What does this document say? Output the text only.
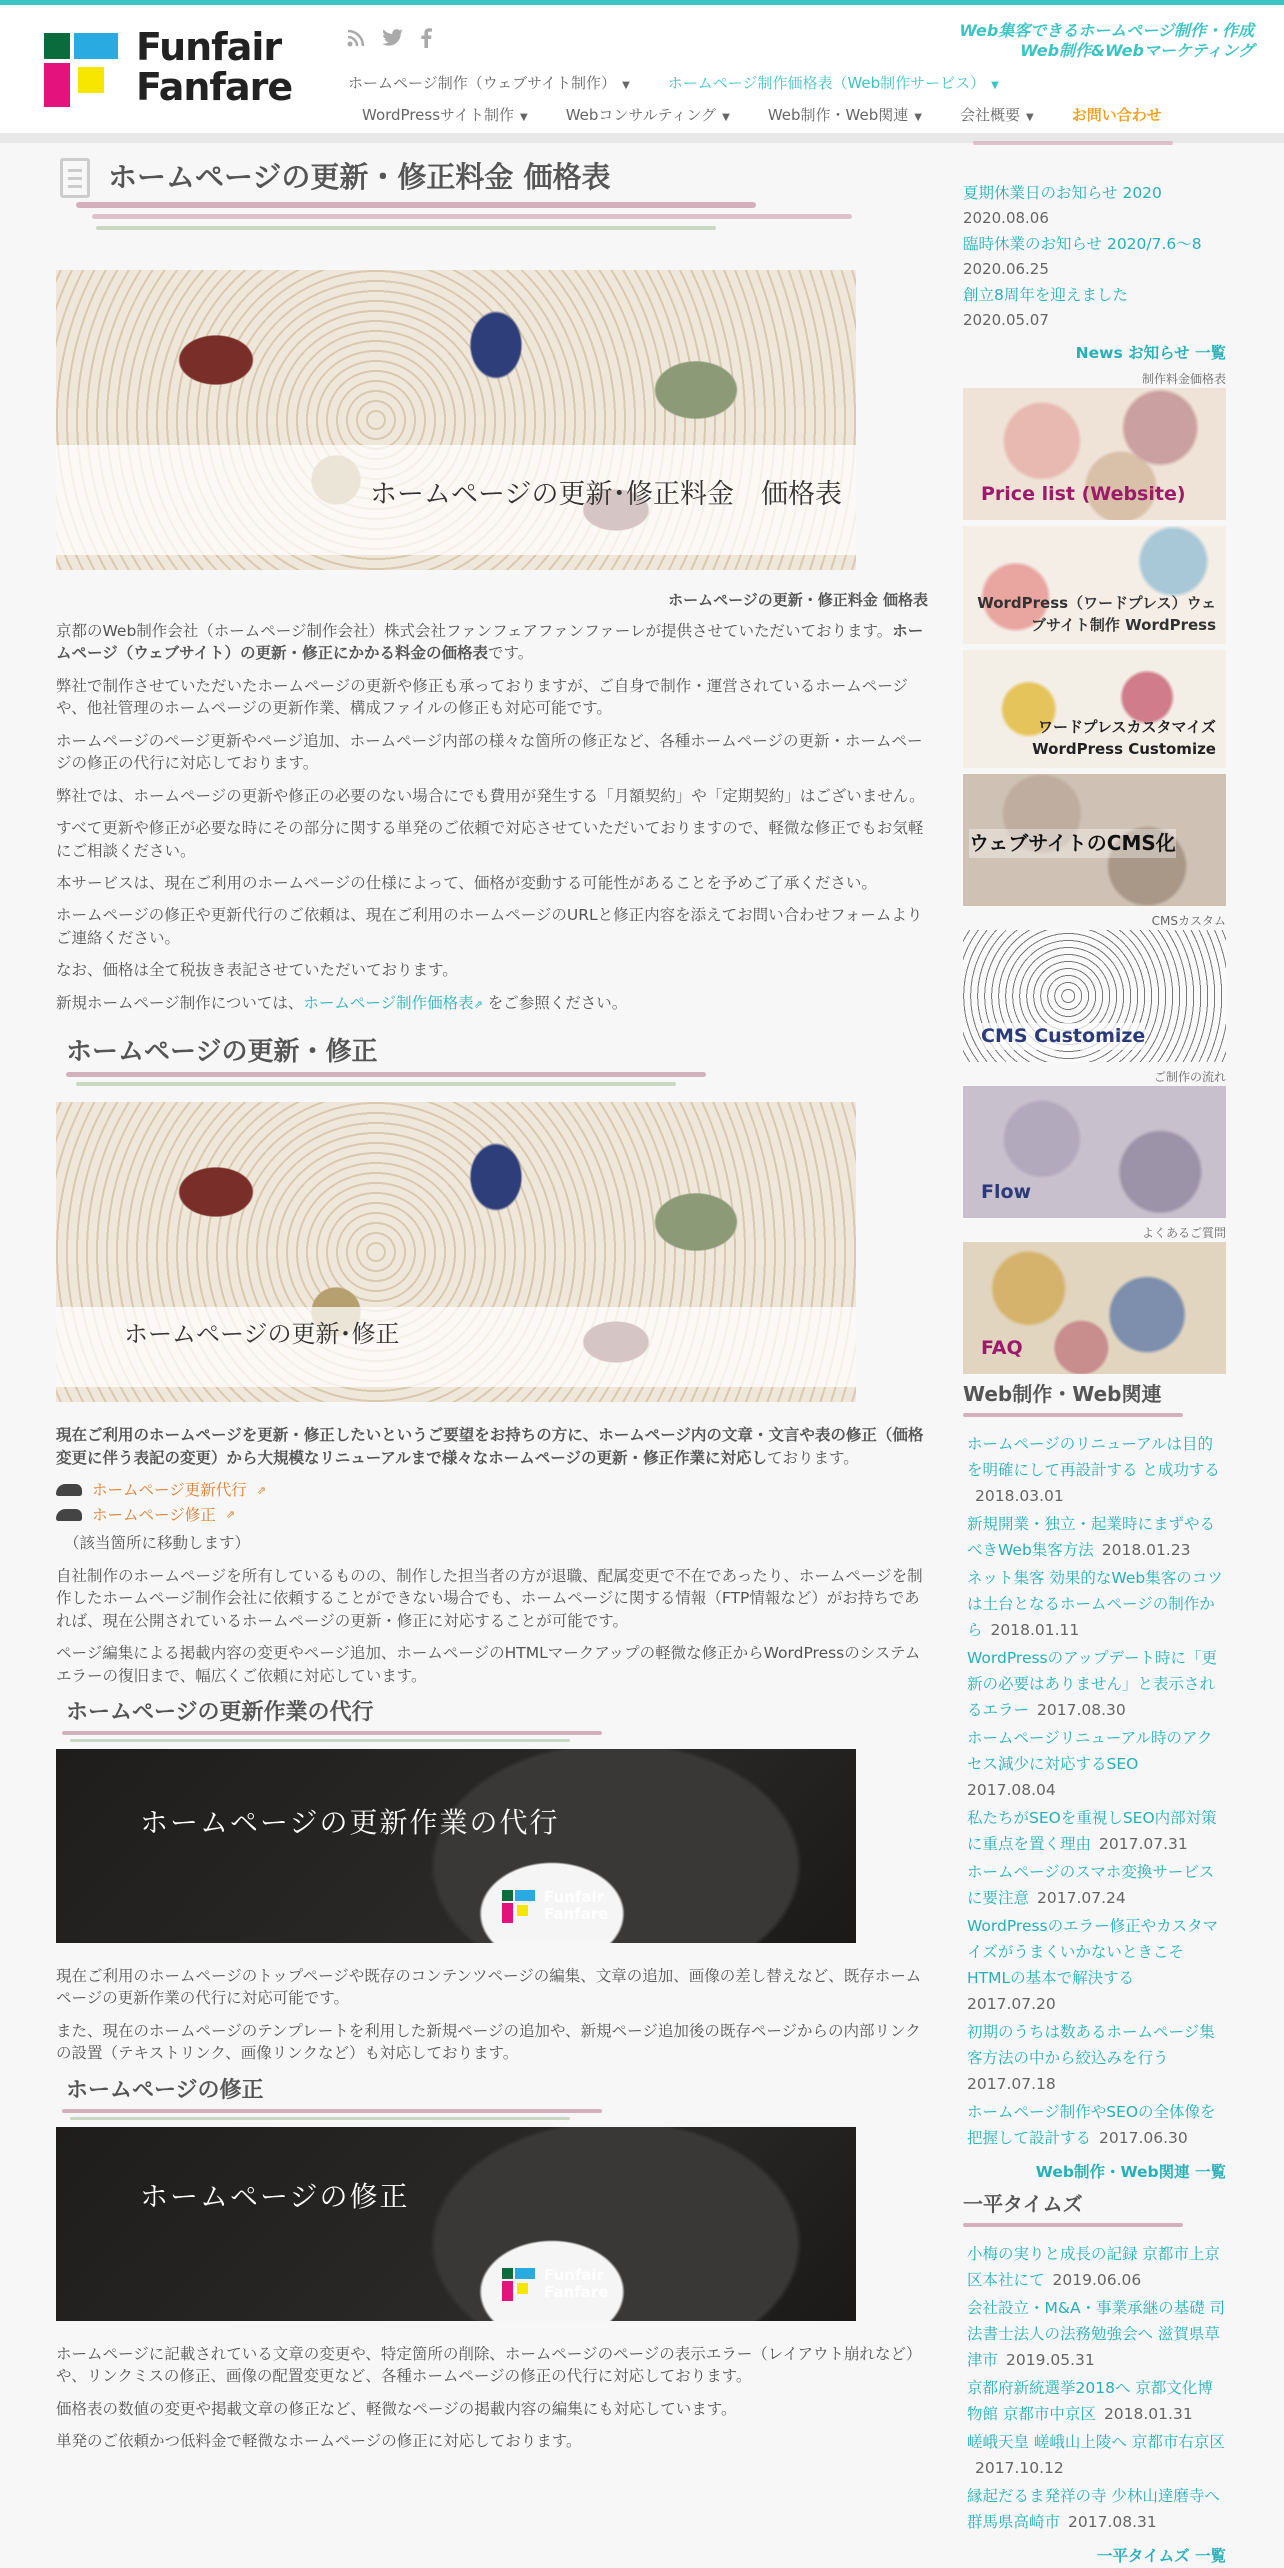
Funfair
Fanfare
Web集客できるホームページ制作・作成
Web制作&Webマーケティング
ホームページ制作（ウェブサイト制作） ▼	ホームページ制作価格表（Web制作サービス） ▼
WordPressサイト制作 ▼	Webコンサルティング ▼	Web制作・Web関連 ▼	会社概要 ▼	お問い合わせ
ホームページの更新・修正料金 価格表
ホームページの更新･修正料金　価格表
ホームページの更新・修正料金 価格表

京都のWeb制作会社（ホームページ制作会社）株式会社ファンフェアファンファーレが提供させていただいております。ホームページ（ウェブサイト）の更新・修正にかかる料金の価格表です。

弊社で制作させていただいたホームページの更新や修正も承っておりますが、ご自身で制作・運営されているホームページや、他社管理のホームページの更新作業、構成ファイルの修正も対応可能です。

ホームページのページ更新やページ追加、ホームページ内部の様々な箇所の修正など、各種ホームページの更新・ホームページの修正の代行に対応しております。

弊社では、ホームページの更新や修正の必要のない場合にでも費用が発生する「月額契約」や「定期契約」はございません。

すべて更新や修正が必要な時にその部分に関する単発のご依頼で対応させていただいておりますので、軽微な修正でもお気軽にご相談ください。

本サービスは、現在ご利用のホームページの仕様によって、価格が変動する可能性があることを予めご了承ください。

ホームページの修正や更新代行のご依頼は、現在ご利用のホームページのURLと修正内容を添えてお問い合わせフォームよりご連絡ください。

なお、価格は全て税抜き表記させていただいております。

新規ホームページ制作については、ホームページ制作価格表⇗ をご参照ください。

ホームページの更新・修正
ホームページの更新･修正

現在ご利用のホームページを更新・修正したいというご要望をお持ちの方に、ホームページ内の文章・文言や表の修正（価格変更に伴う表記の変更）から大規模なリニューアルまで様々なホームページの更新・修正作業に対応しております。

ホームページ更新代行 ⇗
ホームページ修正 ⇗

（該当箇所に移動します）

自社制作のホームページを所有しているものの、制作した担当者の方が退職、配属変更で不在であったり、ホームページを制作したホームページ制作会社に依頼することができない場合でも、ホームページに関する情報（FTP情報など）がお持ちであれば、現在公開されているホームページの更新・修正に対応することが可能です。

ページ編集による掲載内容の変更やページ追加、ホームページのHTMLマークアップの軽微な修正からWordPressのシステムエラーの復旧まで、幅広くご依頼に対応しています。

ホームページの更新作業の代行
ホームページの更新作業の代行
Funfair
Fanfare

現在ご利用のホームページのトップページや既存のコンテンツページの編集、文章の追加、画像の差し替えなど、既存ホームページの更新作業の代行に対応可能です。

また、現在のホームページのテンプレートを利用した新規ページの追加や、新規ページ追加後の既存ページからの内部リンクの設置（テキストリンク、画像リンクなど）も対応しております。

ホームページの修正
ホームページの修正
Funfair
Fanfare

ホームページに記載されている文章の変更や、特定箇所の削除、ホームページのページの表示エラー（レイアウト崩れなど）や、リンクミスの修正、画像の配置変更など、各種ホームページの修正の代行に対応しております。

価格表の数値の変更や掲載文章の修正など、軽微なページの掲載内容の編集にも対応しています。

単発のご依頼かつ低料金で軽微なホームページの修正に対応しております。

夏期休業日のお知らせ 2020
2020.08.06
臨時休業のお知らせ 2020/7.6～8
2020.06.25
創立8周年を迎えました
2020.05.07
News お知らせ 一覧
制作料金価格表
Price list (Website)
WordPress（ワードプレス）ウェブサイト制作 WordPress
ワードプレスカスタマイズ WordPress Customize
ウェブサイトのCMS化
CMSカスタム
CMS Customize
ご制作の流れ
Flow
よくあるご質問
FAQ
Web制作・Web関連
ホームページのリニューアルは目的を明確にして再設計する と成功する2018.03.01
新規開業・独立・起業時にまずやるべきWeb集客方法 2018.01.23
ネット集客 効果的なWeb集客のコツは土台となるホームページの制作から 2018.01.11
WordPressのアップデート時に「更新の必要はありません」と表示されるエラー 2017.08.30
ホームページリニューアル時のアクセス減少に対応するSEO
2017.08.04
私たちがSEOを重視しSEO内部対策に重点を置く理由 2017.07.31
ホームページのスマホ変換サービスに要注意 2017.07.24
WordPressのエラー修正やカスタマイズがうまくいかないときこそHTMLの基本で解決する
2017.07.20
初期のうちは数あるホームページ集客方法の中から絞込みを行う
2017.07.18
ホームページ制作やSEOの全体像を把握して設計する 2017.06.30
Web制作・Web関連 一覧
一平タイムズ
小梅の実りと成長の記録 京都市上京区本社にて 2019.06.06
会社設立・M&A・事業承継の基礎 司法書士法人の法務勉強会へ 滋賀県草津市 2019.05.31
京都府新統選挙2018へ 京都文化博物館 京都市中京区 2018.01.31
嵯峨天皇 嵯峨山上陵へ 京都市右京区2017.10.12
縁起だるま発祥の寺 少林山達磨寺へ 群馬県高崎市 2017.08.31
一平タイムズ 一覧
